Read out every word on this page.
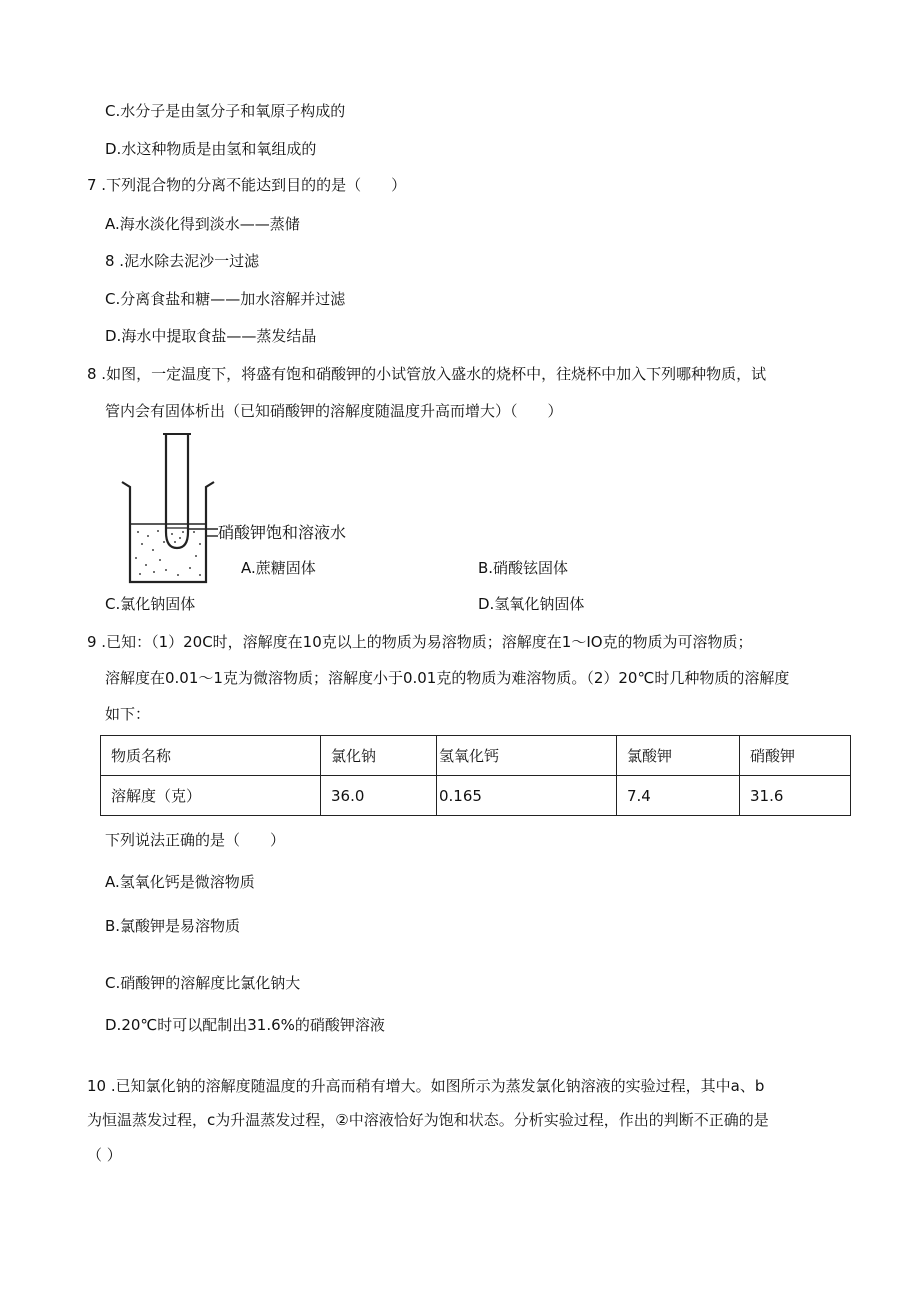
C.水分子是由氢分子和氧原子构成的
D.水这种物质是由氢和氧组成的
7 .下列混合物的分离不能达到目的的是（　　）
A.海水淡化得到淡水——蒸储
8 .泥水除去泥沙一过滤
C.分离食盐和糖——加水溶解并过滤
D.海水中提取食盐——蒸发结晶
8 .如图，一定温度下，将盛有饱和硝酸钾的小试管放入盛水的烧杯中，往烧杯中加入下列哪种物质，试
管内会有固体析出（已知硝酸钾的溶解度随温度升高而增大）（　　）
硝酸钾饱和溶液水
A.蔗糖固体	B.硝酸铉固体
C.氯化钠固体	D.氢氧化钠固体
9 .已知：（1）20C时，溶解度在10克以上的物质为易溶物质；溶解度在1～IO克的物质为可溶物质；
溶解度在0.01～1克为微溶物质；溶解度小于0.01克的物质为难溶物质。（2）20℃时几种物质的溶解度
如下：
物质名称	氯化钠	氢氧化钙	氯酸钾	硝酸钾
溶解度（克）	36.0	0.165	7.4	31.6
下列说法正确的是（　　）
A.氢氧化钙是微溶物质
B.氯酸钾是易溶物质
C.硝酸钾的溶解度比氯化钠大
D.20℃时可以配制出31.6%的硝酸钾溶液
10 .已知氯化钠的溶解度随温度的升高而稍有增大。如图所示为蒸发氯化钠溶液的实验过程，其中a、b
为恒温蒸发过程，c为升温蒸发过程，②中溶液恰好为饱和状态。分析实验过程，作出的判断不正确的是
（ ）
